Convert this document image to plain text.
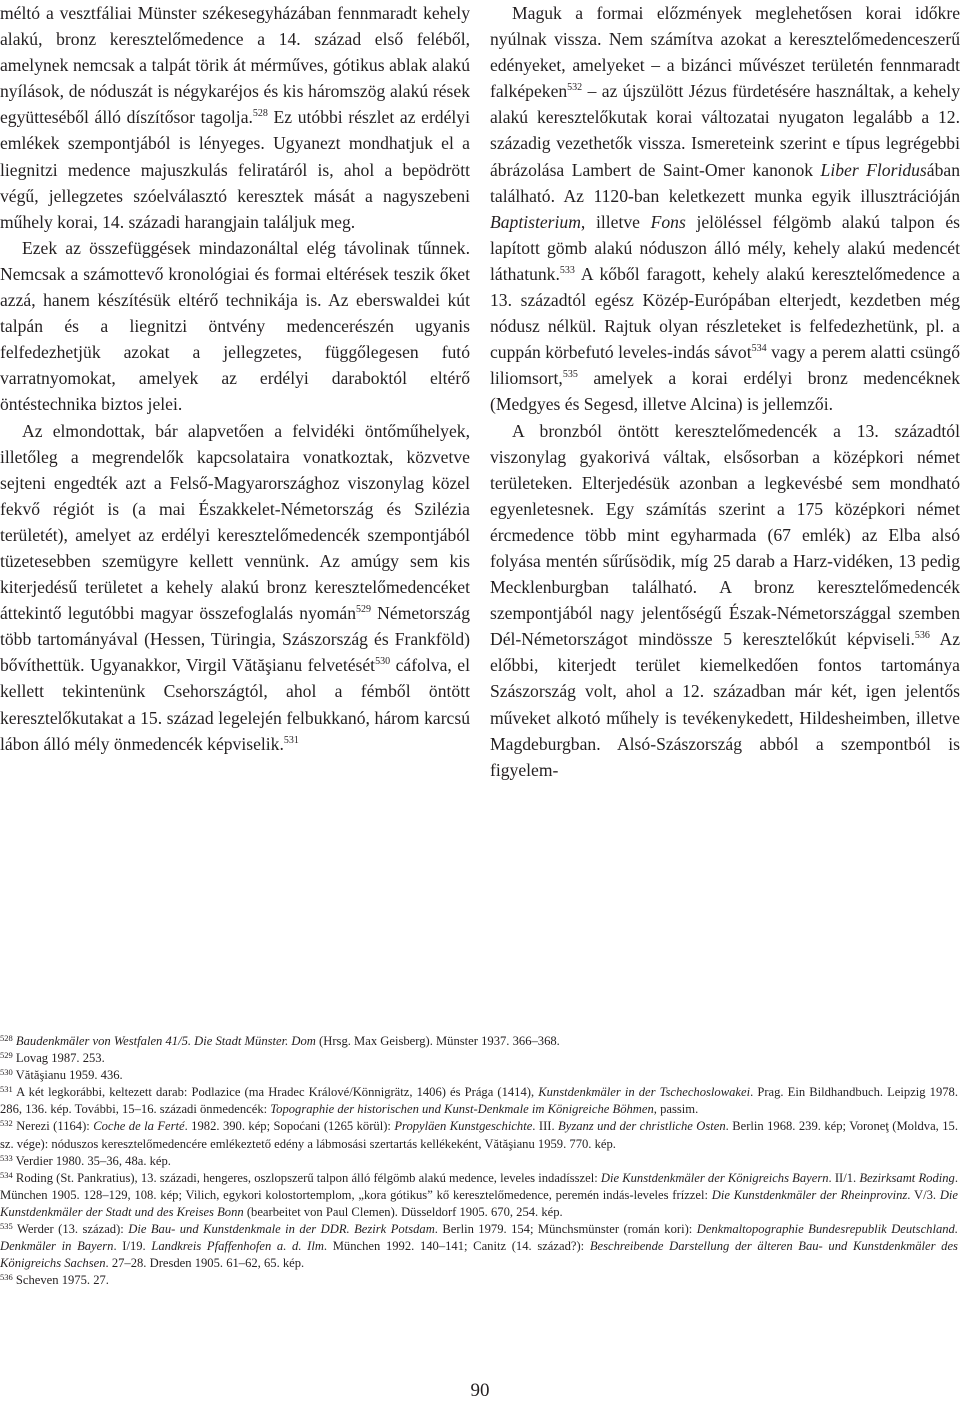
méltó a vesztfáliai Münster székesegyházában fennmaradt kehely alakú, bronz keresztelőmedence a 14. század első feléből, amelynek nemcsak a talpát törik át mérműves, gótikus ablak alakú nyílások, de nóduszát is négykaréjos és kis háromszög alakú rések együtteséből álló díszítősor tagolja.$^{528}$ Ez utóbbi részlet az erdélyi emlékek szempontjából is lényeges. Ugyanezt mondhatjuk el a liegnitzi medence majuszkulás feliratáról is, ahol a bepödrött végű, jellegzetes szóelválasztó keresztek mását a nagyszebeni műhely korai, 14. századi harangjain találjuk meg.

Ezek az összefüggések mindazonáltal elég távolinak tűnnek. Nemcsak a számottevő kronológiai és formai eltérések teszik őket azzá, hanem készítésük eltérő technikája is. Az eberswaldei kút talpán és a liegnitzi öntvény medencerészén ugyanis felfedezhetjük azokat a jellegzetes, függőlegesen futó varratnyomokat, amelyek az erdélyi daraboktól eltérő öntéstechnika biztos jelei.

Az elmondottak, bár alapvetően a felvidéki öntőműhelyek, illetőleg a megrendelők kapcsolataira vonatkoztak, közvetve sejteni engedték azt a Felső-Magyarországhoz viszonylag közel fekvő régiót is (a mai Északkelet-Németország és Szilézia területét), amelyet az erdélyi keresztelőmedencék szempontjából tüzetesebben szemügyre kellett vennünk. Az amúgy sem kis kiterjedésű területet a kehely alakú bronz keresztelőmedencéket áttekintő legutóbbi magyar összefoglalás nyomán$^{529}$ Németország több tartományával (Hessen, Türingia, Szászország és Frankföld) bővíthettük. Ugyanakkor, Virgil Vătăşianu felvetését$^{530}$ cáfolva, el kellett tekintenünk Csehországtól, ahol a fémből öntött keresztelőkutakat a 15. század legelején felbukkanó, három karcsú lábon álló mély önmedencék képviselik.$^{531}$

Maguk a formai előzmények meglehetősen korai időkre nyúlnak vissza. Nem számítva azokat a keresztelőmedenceszerű edényeket, amelyeket – a bizánci művészet területén fennmaradt falképeken$^{532}$ – az újszülött Jézus fürdetésére használtak, a kehely alakú keresztelőkutak korai változatai nyugaton legalább a 12. századig vezethetők vissza. Ismereteink szerint e típus legrégebbi ábrázolása Lambert de Saint-Omer kanonok Liber Floridusában található. Az 1120-ban keletkezett munka egyik illusztrációján Baptisterium, illetve Fons jelöléssel félgömb alakú talpon és lapított gömb alakú nóduszon álló mély, kehely alakú medencét láthatunk.$^{533}$ A kőből faragott, kehely alakú keresztelőmedence a 13. századtól egész Közép-Európában elterjedt, kezdetben még nódusz nélkül. Rajtuk olyan részleteket is felfedezhetünk, pl. a cuppán körbefutó leveles-indás sávot$^{534}$ vagy a perem alatti csüngő liliomsort,$^{535}$ amelyek a korai erdélyi bronz medencéknek (Medgyes és Segesd, illetve Alcina) is jellemzői.

A bronzból öntött keresztelőmedencék a 13. századtól viszonylag gyakorivá váltak, elsősorban a középkori német területeken. Elterjedésük azonban a legkevésbé sem mondható egyenletesnek. Egy számítás szerint a 175 középkori német ércmedence több mint egyharmada (67 emlék) az Elba alsó folyása mentén sűrűsödik, míg 25 darab a Harz-vidéken, 13 pedig Mecklenburgban található. A bronz keresztelőmedencék szempontjából nagy jelentőségű Észak-Németországgal szemben Dél-Németországot mindössze 5 keresztelőkút képviseli.$^{536}$ Az előbbi, kiterjedt terület kiemelkedően fontos tartománya Szászország volt, ahol a 12. században már két, igen jelentős műveket alkotó műhely is tevékenykedett, Hildesheimben, illetve Magdeburgban. Alsó-Szászország abból a szempontból is figyelem-

$^{528}$ Baudenkmäler von Westfalen 41/5. Die Stadt Münster. Dom (Hrsg. Max Geisberg). Münster 1937. 366–368.

$^{529}$ Lovag 1987. 253.

$^{530}$ Vătăşianu 1959. 436.

$^{531}$ A két legkorábbi, keltezett darab: Podlazice (ma Hradec Králové/Könnigrätz, 1406) és Prága (1414), Kunstdenkmäler in der Tschechoslowakei. Prag. Ein Bildhandbuch. Leipzig 1978. 286, 136. kép. További, 15–16. századi önmedencék: Topographie der historischen und Kunst-Denkmale im Königreiche Böhmen, passim.

$^{532}$ Nerezi (1164): Coche de la Ferté. 1982. 390. kép; Sopoćani (1265 körül): Propyläen Kunstgeschichte. III. Byzanz und der christliche Osten. Berlin 1968. 239. kép; Voroneţ (Moldva, 15. sz. vége): nóduszos keresztelőmedencére emlékeztető edény a lábmosási szertartás kellékeként, Vătăşianu 1959. 770. kép.

$^{533}$ Verdier 1980. 35–36, 48a. kép.

$^{534}$ Roding (St. Pankratius), 13. századi, hengeres, oszlopszerű talpon álló félgömb alakú medence, leveles indadísszel: Die Kunstdenkmäler der Königreichs Bayern. II/1. Bezirksamt Roding. München 1905. 128–129, 108. kép; Vilich, egykori kolostortemplom, „kora gótikus” kő keresztelőmedence, peremén indás-leveles frízzel: Die Kunstdenkmäler der Rheinprovinz. V/3. Die Kunstdenkmäler der Stadt und des Kreises Bonn (bearbeitet von Paul Clemen). Düsseldorf 1905. 670, 254. kép.

$^{535}$ Werder (13. század): Die Bau- und Kunstdenkmale in der DDR. Bezirk Potsdam. Berlin 1979. 154; Münchsmünster (román kori): Denkmaltopographie Bundesrepublik Deutschland. Denkmäler in Bayern. I/19. Landkreis Pfaffenhofen a. d. Ilm. München 1992. 140–141; Canitz (14. század?): Beschreibende Darstellung der älteren Bau- und Kunstdenkmäler des Königreichs Sachsen. 27–28. Dresden 1905. 61–62, 65. kép.

$^{536}$ Scheven 1975. 27.

90
